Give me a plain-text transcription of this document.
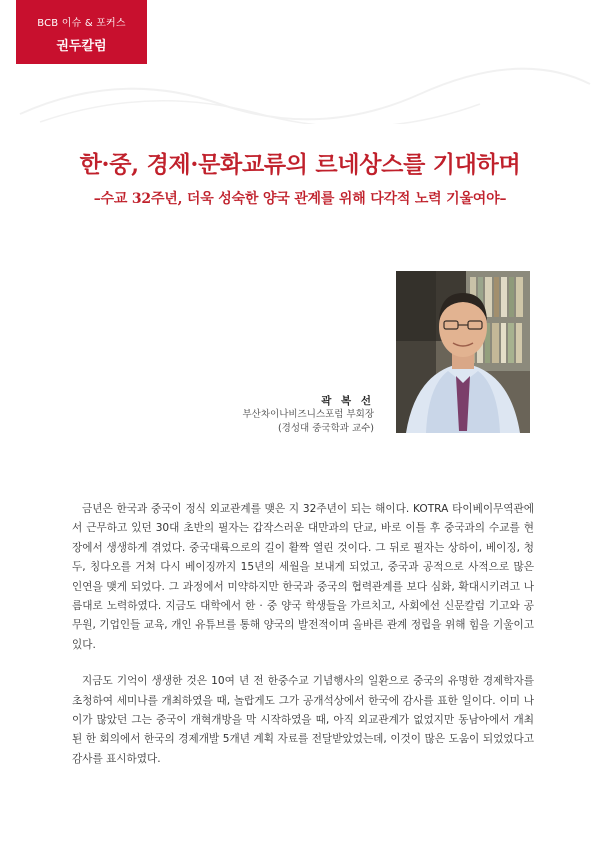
BCB 이슈 & 포커스
권두칼럼
한·중, 경제·문화교류의 르네상스를 기대하며
–수교 32주년, 더욱 성숙한 양국 관계를 위해 다각적 노력 기울여야–
곽 복 선
부산차이나비즈니스포럼 부회장
(경성대 중국학과 교수)

금년은 한국과 중국이 정식 외교관계를 맺은 지 32주년이 되는 해이다. KOTRA 타이베이무역관에서 근무하고 있던 30대 초반의 필자는 갑작스러운 대만과의 단교, 바로 이틀 후 중국과의 수교를 현장에서 생생하게 겪었다. 중국대륙으로의 길이 활짝 열린 것이다. 그 뒤로 필자는 상하이, 베이징, 청두, 칭다오를 거쳐 다시 베이징까지 15년의 세월을 보내게 되었고, 중국과 공적으로 사적으로 많은 인연을 맺게 되었다. 그 과정에서 미약하지만 한국과 중국의 협력관계를 보다 심화, 확대시키려고 나름대로 노력하였다. 지금도 대학에서 한 · 중 양국 학생들을 가르치고, 사회에선 신문칼럼 기고와 공무원, 기업인들 교육, 개인 유튜브를 통해 양국의 발전적이며 올바른 관계 정립을 위해 힘을 기울이고 있다.

지금도 기억이 생생한 것은 10여 년 전 한중수교 기념행사의 일환으로 중국의 유명한 경제학자를 초청하여 세미나를 개최하였을 때, 놀랍게도 그가 공개석상에서 한국에 감사를 표한 일이다. 이미 나이가 많았던 그는 중국이 개혁개방을 막 시작하였을 때, 아직 외교관계가 없었지만 동남아에서 개최된 한 회의에서 한국의 경제개발 5개년 계획 자료를 전달받았었는데, 이것이 많은 도움이 되었었다고 감사를 표시하였다.
